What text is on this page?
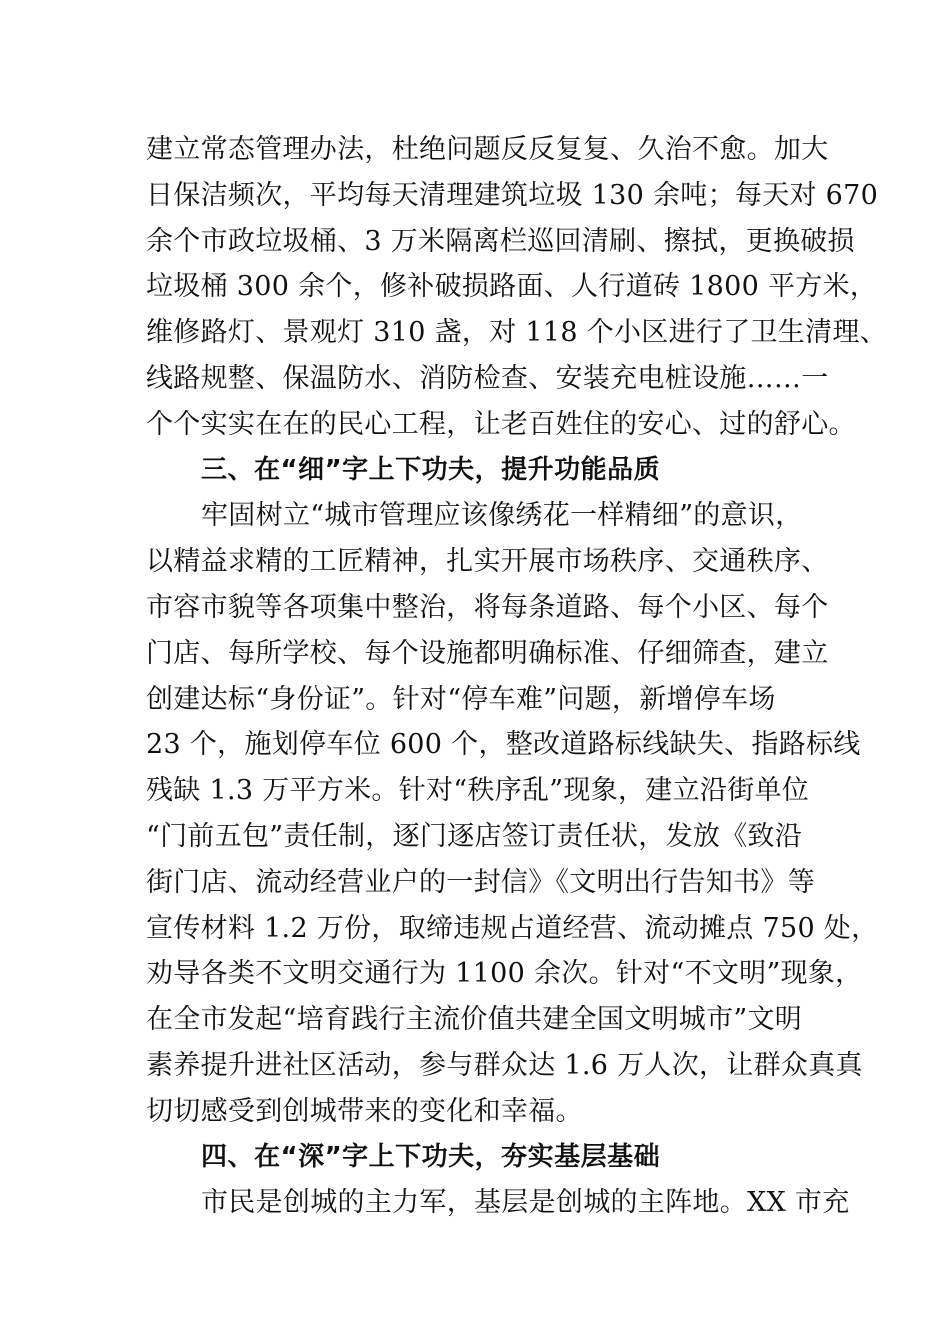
建立常态管理办法，杜绝问题反反复复、久治不愈。加大
日保洁频次，平均每天清理建筑垃圾 130 余吨；每天对 670
余个市政垃圾桶、3 万米隔离栏巡回清刷、擦拭，更换破损
垃圾桶 300 余个，修补破损路面、人行道砖 1800 平方米，
维修路灯、景观灯 310 盏，对 118 个小区进行了卫生清理、
线路规整、保温防水、消防检查、安装充电桩设施……一
个个实实在在的民心工程，让老百姓住的安心、过的舒心。
三、在“细”字上下功夫，提升功能品质
牢固树立“城市管理应该像绣花一样精细”的意识，
以精益求精的工匠精神，扎实开展市场秩序、交通秩序、
市容市貌等各项集中整治，将每条道路、每个小区、每个
门店、每所学校、每个设施都明确标准、仔细筛查，建立
创建达标“身份证”。针对“停车难”问题，新增停车场
23 个，施划停车位 600 个，整改道路标线缺失、指路标线
残缺 1.3 万平方米。针对“秩序乱”现象，建立沿街单位
“门前五包”责任制，逐门逐店签订责任状，发放《致沿
街门店、流动经营业户的一封信》《文明出行告知书》等
宣传材料 1.2 万份，取缔违规占道经营、流动摊点 750 处，
劝导各类不文明交通行为 1100 余次。针对“不文明”现象，
在全市发起“培育践行主流价值共建全国文明城市”文明
素养提升进社区活动，参与群众达 1.6 万人次，让群众真真
切切感受到创城带来的变化和幸福。
四、在“深”字上下功夫，夯实基层基础
市民是创城的主力军，基层是创城的主阵地。XX 市充
